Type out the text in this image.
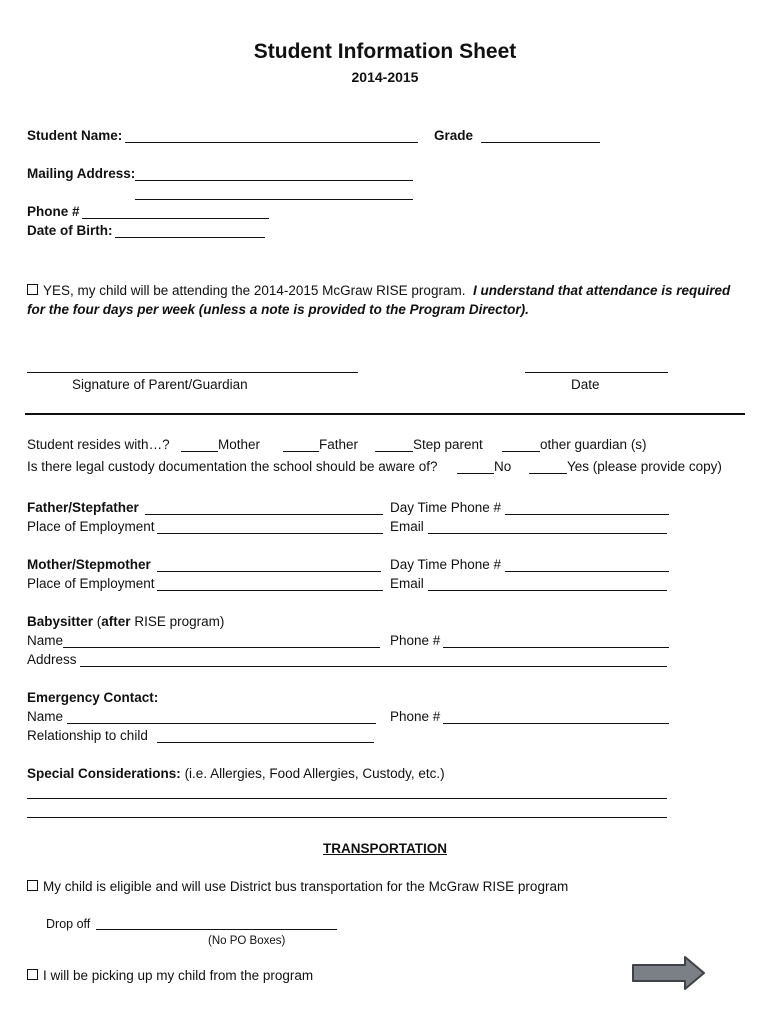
Student Information Sheet
2014-2015
Student Name:	Grade
Mailing Address:
Phone #
Date of Birth:
YES, my child will be attending the 2014-2015 McGraw RISE program. I understand that attendance is required
for the four days per week (unless a note is provided to the Program Director).
Signature of Parent/Guardian	Date
Student resides with…?	Mother	Father	Step parent	other guardian (s)
Is there legal custody documentation the school should be aware of?	No	Yes (please provide copy)
Father/Stepfather	Day Time Phone #
Place of Employment	Email
Mother/Stepmother	Day Time Phone #
Place of Employment	Email
Babysitter (after RISE program)
Name	Phone #
Address
Emergency Contact:
Name	Phone #
Relationship to child
Special Considerations: (i.e. Allergies, Food Allergies, Custody, etc.)
TRANSPORTATION
My child is eligible and will use District bus transportation for the McGraw RISE program
Drop off
(No PO Boxes)
I will be picking up my child from the program
